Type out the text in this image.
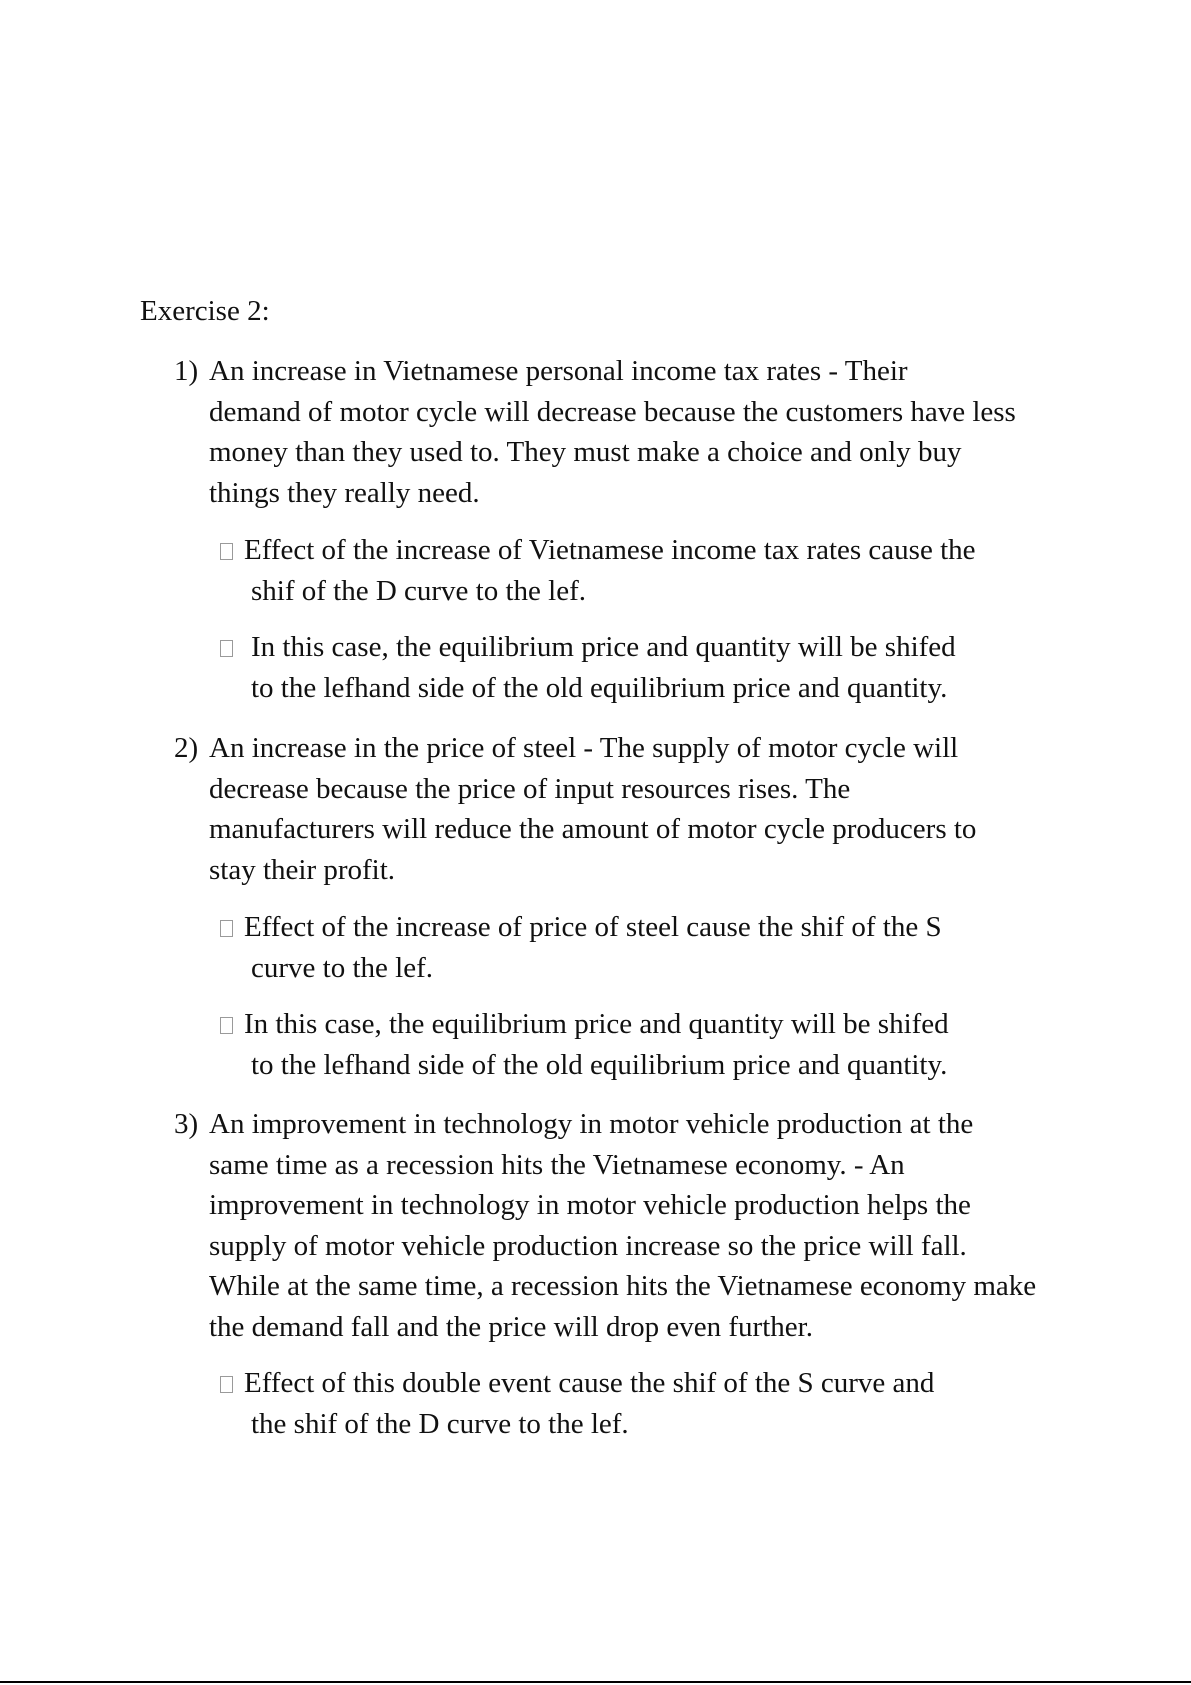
Exercise 2:
1) An increase in Vietnamese personal income tax rates - Their
demand of motor cycle will decrease because the customers have less money than they used to. They must make a choice and only buy things they really need.
Effect of the increase of Vietnamese income tax rates cause the
shif of the D curve to the lef.
In this case, the equilibrium price and quantity will be shifed
to the lefhand side of the old equilibrium price and quantity.
2) An increase in the price of steel - The supply of motor cycle will
decrease because the price of input resources rises. The manufacturers will reduce the amount of motor cycle producers to stay their profit.
Effect of the increase of price of steel cause the shif of the S
curve to the lef.
In this case, the equilibrium price and quantity will be shifed
to the lefhand side of the old equilibrium price and quantity.
3) An improvement in technology in motor vehicle production at the
same time as a recession hits the Vietnamese economy. - An improvement in technology in motor vehicle production helps the supply of motor vehicle production increase so the price will fall. While at the same time, a recession hits the Vietnamese economy make the demand fall and the price will drop even further.
Effect of this double event cause the shif of the S curve and
the shif of the D curve to the lef.
